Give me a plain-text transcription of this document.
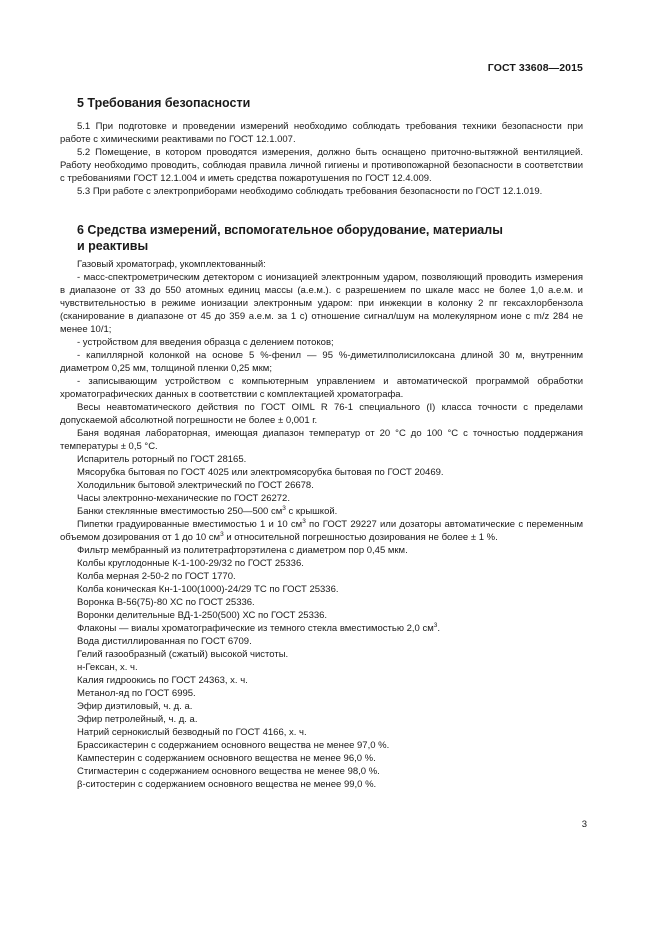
ГОСТ 33608—2015
5 Требования безопасности

5.1 При подготовке и проведении измерений необходимо соблюдать требования техники безопасности при работе с химическими реактивами по ГОСТ 12.1.007.

5.2 Помещение, в котором проводятся измерения, должно быть оснащено приточно-вытяжной вентиляцией. Работу необходимо проводить, соблюдая правила личной гигиены и противопожарной безопасности в соответствии с требованиями ГОСТ 12.1.004 и иметь средства пожаротушения по ГОСТ 12.4.009.

5.3 При работе с электроприборами необходимо соблюдать требования безопасности по ГОСТ 12.1.019.

6 Средства измерений, вспомогательное оборудование, материалы
и реактивы

Газовый хроматограф, укомплектованный:

- масс-спектрометрическим детектором с ионизацией электронным ударом, позволяющий проводить измерения в диапазоне от 33 до 550 атомных единиц массы (а.е.м.). с разрешением по шкале масс не более 1,0 а.е.м. и чувствительностью в режиме ионизации электронным ударом: при инжекции в колонку 2 пг гексахлорбензола (сканирование в диапазоне от 45 до 359 а.е.м. за 1 с) отношение сигнал/шум на молекулярном ионе с m/z 284 не менее 10/1;

- устройством для введения образца с делением потоков;

- капиллярной колонкой на основе 5 %-фенил — 95 %-диметилполисилоксана длиной 30 м, внутренним диаметром 0,25 мм, толщиной пленки 0,25 мкм;

- записывающим устройством с компьютерным управлением и автоматической программой обработки хроматографических данных в соответствии с комплектацией хроматографа.

Весы неавтоматического действия по ГОСТ OIML R 76-1 специального (I) класса точности с пределами допускаемой абсолютной погрешности не более ± 0,001 г.

Баня водяная лабораторная, имеющая диапазон температур от 20 °С до 100 °С с точностью поддержания температуры ± 0,5 °С.

Испаритель роторный по ГОСТ 28165.

Мясорубка бытовая по ГОСТ 4025 или электромясорубка бытовая по ГОСТ 20469.

Холодильник бытовой электрический по ГОСТ 26678.

Часы электронно-механические по ГОСТ 26272.

Банки стеклянные вместимостью 250—500 $см^3$ с крышкой.

Пипетки градуированные вместимостью 1 и 10 $см^3$ по ГОСТ 29227 или дозаторы автоматические с переменным объемом дозирования от 1 до 10 $см^3$ и относительной погрешностью дозирования не более ± 1 %.

Фильтр мембранный из политетрафторэтилена с диаметром пор 0,45 мкм.

Колбы круглодонные К-1-100-29/32 по ГОСТ 25336.

Колба мерная 2-50-2 по ГОСТ 1770.

Колба коническая Кн-1-100(1000)-24/29 ТС по ГОСТ 25336.

Воронка В-56(75)-80 ХС по ГОСТ 25336.

Воронки делительные ВД-1-250(500) ХС по ГОСТ 25336.

Флаконы — виалы хроматографические из темного стекла вместимостью 2,0 $см^3$.

Вода дистиллированная по ГОСТ 6709.

Гелий газообразный (сжатый) высокой чистоты.

н-Гексан, х. ч.

Калия гидроокись по ГОСТ 24363, х. ч.

Метанол-яд по ГОСТ 6995.

Эфир диэтиловый, ч. д. а.

Эфир петролейный, ч. д. а.

Натрий сернокислый безводный по ГОСТ 4166, х. ч.

Брассикастерин с содержанием основного вещества не менее 97,0 %.

Кампестерин с содержанием основного вещества не менее 96,0 %.

Стигмастерин с содержанием основного вещества не менее 98,0 %.

β-ситостерин с содержанием основного вещества не менее 99,0 %.

3
